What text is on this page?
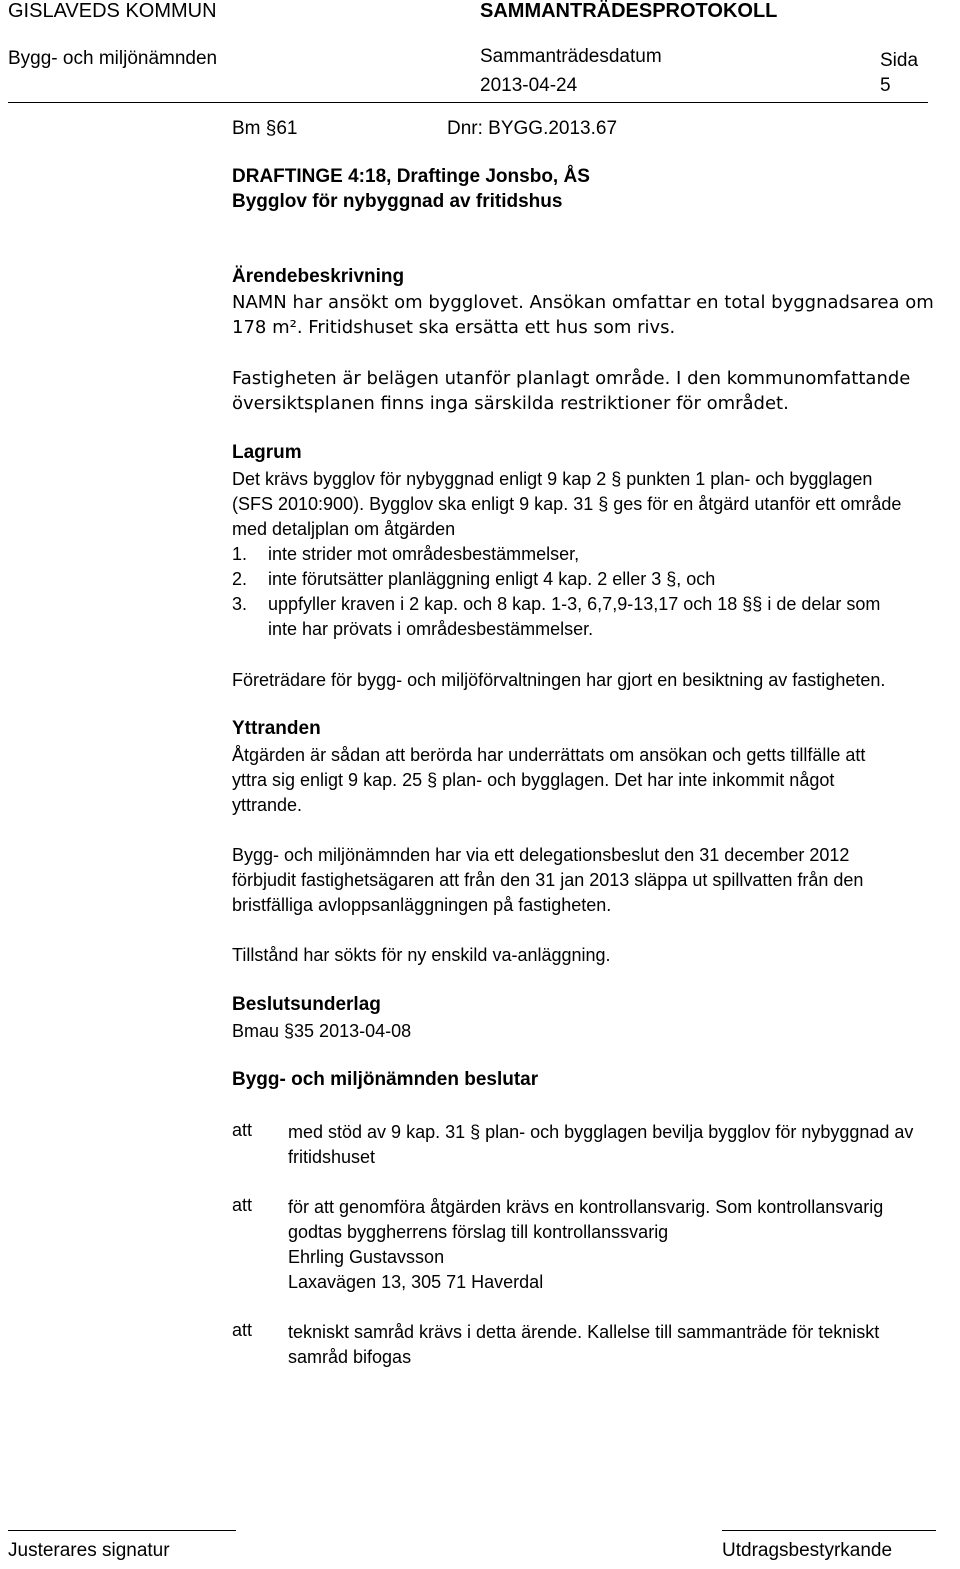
GISLAVEDS KOMMUN	SAMMANTRÄDESPROTOKOLL
Bygg- och miljönämnden	Sammanträdesdatum	Sida
2013-04-24	5
Bm §61	Dnr: BYGG.2013.67
DRAFTINGE 4:18, Draftinge Jonsbo, ÅS
Bygglov för nybyggnad av fritidshus
Ärendebeskrivning
NAMN har ansökt om bygglovet. Ansökan omfattar en total byggnadsarea om
178 m². Fritidshuset ska ersätta ett hus som rivs.
Fastigheten är belägen utanför planlagt område. I den kommunomfattande
översiktsplanen finns inga särskilda restriktioner för området.
Lagrum
Det krävs bygglov för nybyggnad enligt 9 kap 2 § punkten 1 plan- och bygglagen
(SFS 2010:900). Bygglov ska enligt 9 kap. 31 § ges för en åtgärd utanför ett område
med detaljplan om åtgärden
1. inte strider mot områdesbestämmelser,
2. inte förutsätter planläggning enligt 4 kap. 2 eller 3 §, och
3. uppfyller kraven i 2 kap. och 8 kap. 1-3, 6,7,9-13,17 och 18 §§ i de delar som
inte har prövats i områdesbestämmelser.
Företrädare för bygg- och miljöförvaltningen har gjort en besiktning av fastigheten.
Yttranden
Åtgärden är sådan att berörda har underrättats om ansökan och getts tillfälle att
yttra sig enligt 9 kap. 25 § plan- och bygglagen. Det har inte inkommit något
yttrande.
Bygg- och miljönämnden har via ett delegationsbeslut den 31 december 2012
förbjudit fastighetsägaren att från den 31 jan 2013 släppa ut spillvatten från den
bristfälliga avloppsanläggningen på fastigheten.
Tillstånd har sökts för ny enskild va-anläggning.
Beslutsunderlag
Bmau §35 2013-04-08
Bygg- och miljönämnden beslutar
att med stöd av 9 kap. 31 § plan- och bygglagen bevilja bygglov för nybyggnad av
fritidshuset
att för att genomföra åtgärden krävs en kontrollansvarig. Som kontrollansvarig
godtas byggherrens förslag till kontrollanssvarig
Ehrling Gustavsson
Laxavägen 13, 305 71 Haverdal
att tekniskt samråd krävs i detta ärende. Kallelse till sammanträde för tekniskt
samråd bifogas
Justerares signatur	Utdragsbestyrkande
